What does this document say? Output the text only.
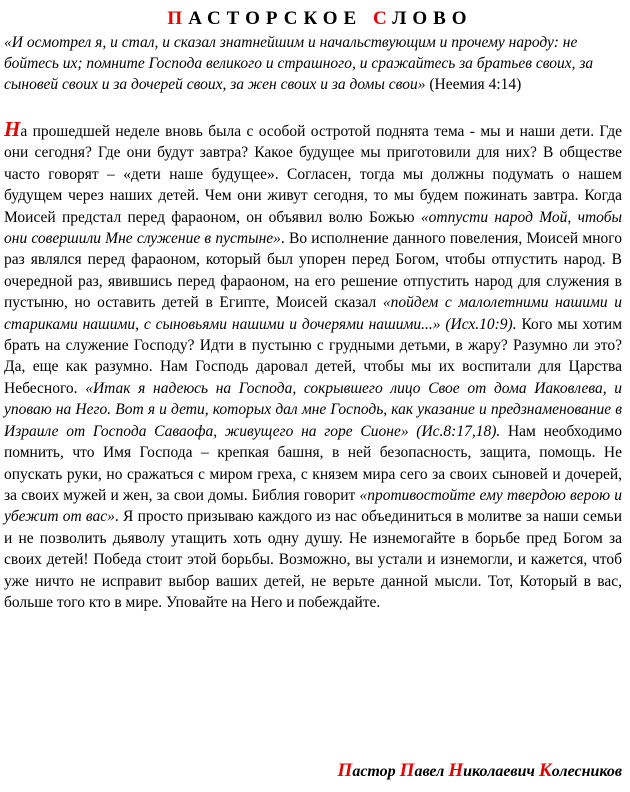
ПАСТОРСКОЕ СЛОВО

«И осмотрел я, и стал, и сказал знатнейшим и начальствующим и прочему народу: не бойтесь их; помните Господа великого и страшного, и сражайтесь за братьев своих, за сыновей своих и за дочерей своих, за жен своих и за домы свои» (Неемия 4:14)

На прошедшей неделе вновь была с особой остротой поднята тема - мы и наши дети. Где они сегодня? Где они будут завтра? Какое будущее мы приготовили для них? В обществе часто говорят – «дети наше будущее». Согласен, тогда мы должны подумать о нашем будущем через наших детей. Чем они живут сегодня, то мы будем пожинать завтра. Когда Моисей предстал перед фараоном, он объявил волю Божью «отпусти народ Мой, чтобы они совершили Мне служение в пустыне». Во исполнение данного повеления, Моисей много раз являлся перед фараоном, который был упорен перед Богом, чтобы отпустить народ. В очередной раз, явившись перед фараоном, на его решение отпустить народ для служения в пустыню, но оставить детей в Египте, Моисей сказал «пойдем с малолетними нашими и стариками нашими, с сыновьями нашими и дочерями нашими...» (Исх.10:9). Кого мы хотим брать на служение Господу? Идти в пустыню с грудными детьми, в жару? Разумно ли это? Да, еще как разумно. Нам Господь даровал детей, чтобы мы их воспитали для Царства Небесного. «Итак я надеюсь на Господа, сокрывшего лицо Свое от дома Иаковлева, и уповаю на Него. Вот я и дети, которых дал мне Господь, как указание и предзнаменование в Израиле от Господа Саваофа, живущего на горе Сионе» (Ис.8:17,18). Нам необходимо помнить, что Имя Господа – крепкая башня, в ней безопасность, защита, помощь. Не опускать руки, но сражаться с миром греха, с князем мира сего за своих сыновей и дочерей, за своих мужей и жен, за свои домы. Библия говорит «противостойте ему твердою верою и убежит от вас». Я просто призываю каждого из нас объединиться в молитве за наши семьи и не позволить дьяволу утащить хоть одну душу. Не изнемогайте в борьбе пред Богом за своих детей! Победа стоит этой борьбы. Возможно, вы устали и изнемогли, и кажется, чтоб уже ничто не исправит выбор ваших детей, не верьте данной мысли. Тот, Который в вас, больше того кто в мире. Уповайте на Него и побеждайте.

Пастор Павел Николаевич Колесников
